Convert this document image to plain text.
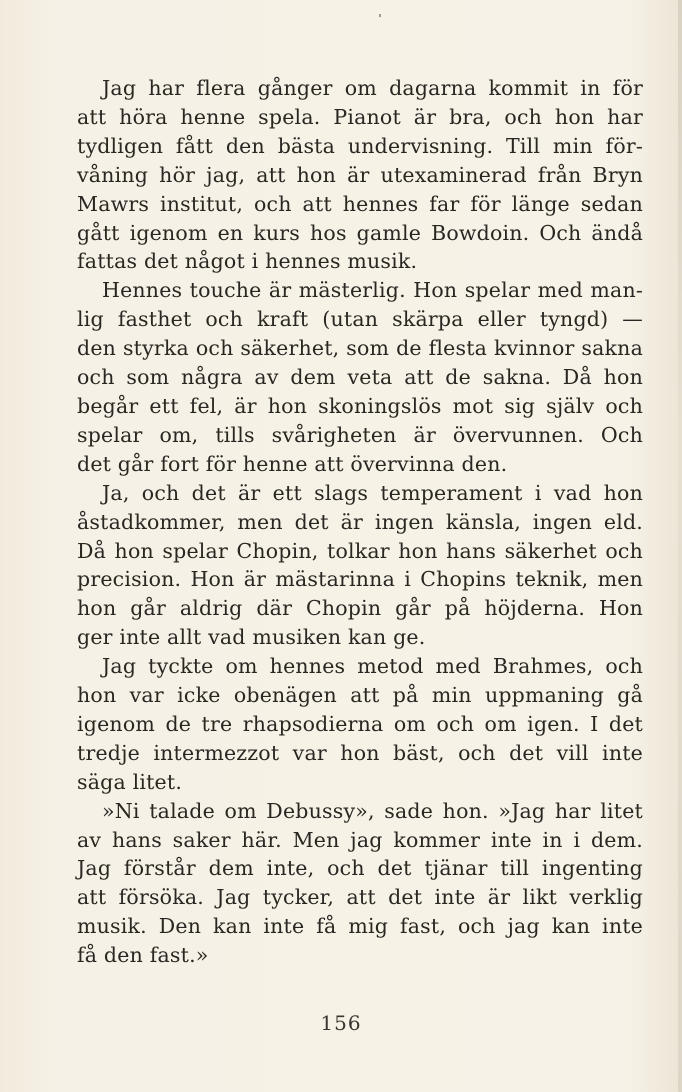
Jag har flera gånger om dagarna kommit in för
att höra henne spela. Pianot är bra, och hon har
tydligen fått den bästa undervisning. Till min för-
våning hör jag, att hon är utexaminerad från Bryn
Mawrs institut, och att hennes far för länge sedan
gått igenom en kurs hos gamle Bowdoin. Och ändå
fattas det något i hennes musik.

Hennes touche är mästerlig. Hon spelar med man-
lig fasthet och kraft (utan skärpa eller tyngd) —
den styrka och säkerhet, som de flesta kvinnor sakna
och som några av dem veta att de sakna. Då hon
begår ett fel, är hon skoningslös mot sig själv och
spelar om, tills svårigheten är övervunnen. Och
det går fort för henne att övervinna den.

Ja, och det är ett slags temperament i vad hon
åstadkommer, men det är ingen känsla, ingen eld.
Då hon spelar Chopin, tolkar hon hans säkerhet och
precision. Hon är mästarinna i Chopins teknik, men
hon går aldrig där Chopin går på höjderna. Hon
ger inte allt vad musiken kan ge.

Jag tyckte om hennes metod med Brahmes, och
hon var icke obenägen att på min uppmaning gå
igenom de tre rhapsodierna om och om igen. I det
tredje intermezzot var hon bäst, och det vill inte
säga litet.

»Ni talade om Debussy», sade hon. »Jag har litet
av hans saker här. Men jag kommer inte in i dem.
Jag förstår dem inte, och det tjänar till ingenting
att försöka. Jag tycker, att det inte är likt verklig
musik. Den kan inte få mig fast, och jag kan inte
få den fast.»

156
